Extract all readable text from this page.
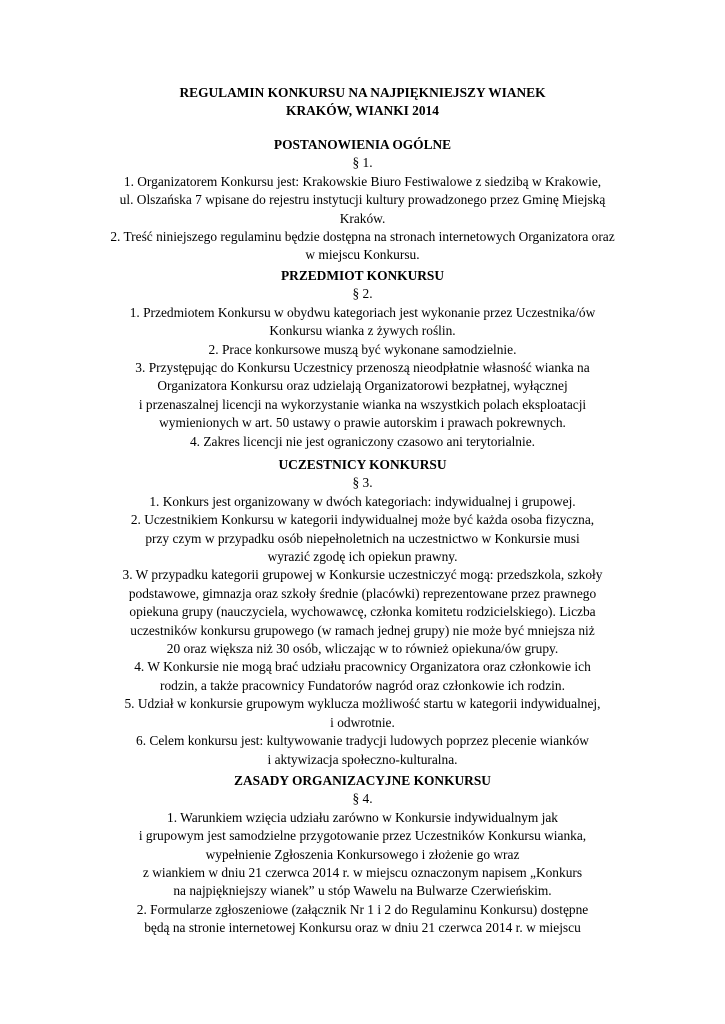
REGULAMIN KONKURSU NA NAJPIĘKNIEJSZY WIANEK
KRAKÓW, WIANKI 2014
POSTANOWIENIA OGÓLNE
§ 1.
1. Organizatorem Konkursu jest: Krakowskie Biuro Festiwalowe z siedzibą w Krakowie,
ul. Olszańska 7 wpisane do rejestru instytucji kultury prowadzonego przez Gminę Miejską
Kraków.
2. Treść niniejszego regulaminu będzie dostępna na stronach internetowych Organizatora oraz
w miejscu Konkursu.
PRZEDMIOT KONKURSU
§ 2.
1. Przedmiotem Konkursu w obydwu kategoriach jest wykonanie przez Uczestnika/ów
Konkursu wianka z żywych roślin.
2. Prace konkursowe muszą być wykonane samodzielnie.
3. Przystępując do Konkursu Uczestnicy przenoszą nieodpłatnie własność wianka na
Organizatora Konkursu oraz udzielają Organizatorowi bezpłatnej, wyłącznej
i przenaszalnej licencji na wykorzystanie wianka na wszystkich polach eksploatacji
wymienionych w art. 50 ustawy o prawie autorskim i prawach pokrewnych.
4. Zakres licencji nie jest ograniczony czasowo ani terytorialnie.
UCZESTNICY KONKURSU
§ 3.
1. Konkurs jest organizowany w dwóch kategoriach: indywidualnej i grupowej.
2. Uczestnikiem Konkursu w kategorii indywidualnej może być każda osoba fizyczna,
przy czym w przypadku osób niepełnoletnich na uczestnictwo w Konkursie musi
wyrazić zgodę ich opiekun prawny.
3. W przypadku kategorii grupowej w Konkursie uczestniczyć mogą: przedszkola, szkoły
podstawowe, gimnazja oraz szkoły średnie (placówki) reprezentowane przez prawnego
opiekuna grupy (nauczyciela, wychowawcę, członka komitetu rodzicielskiego). Liczba
uczestników konkursu grupowego (w ramach jednej grupy) nie może być mniejsza niż
20 oraz większa niż 30 osób, wliczając w to również opiekuna/ów grupy.
4. W Konkursie nie mogą brać udziału pracownicy Organizatora oraz członkowie ich
rodzin, a także pracownicy Fundatorów nagród oraz członkowie ich rodzin.
5. Udział w konkursie grupowym wyklucza możliwość startu w kategorii indywidualnej,
i odwrotnie.
6. Celem konkursu jest: kultywowanie tradycji ludowych poprzez plecenie wianków
i aktywizacja społeczno-kulturalna.
ZASADY ORGANIZACYJNE KONKURSU
§ 4.
1. Warunkiem wzięcia udziału zarówno w Konkursie indywidualnym jak
i grupowym jest samodzielne przygotowanie przez Uczestników Konkursu wianka,
wypełnienie Zgłoszenia Konkursowego i złożenie go wraz
z wiankiem w dniu 21 czerwca 2014 r. w miejscu oznaczonym napisem „Konkurs
na najpiękniejszy wianek” u stóp Wawelu na Bulwarze Czerwieńskim.
2. Formularze zgłoszeniowe (załącznik Nr 1 i 2 do Regulaminu Konkursu) dostępne
będą na stronie internetowej Konkursu oraz w dniu 21 czerwca 2014 r. w miejscu
